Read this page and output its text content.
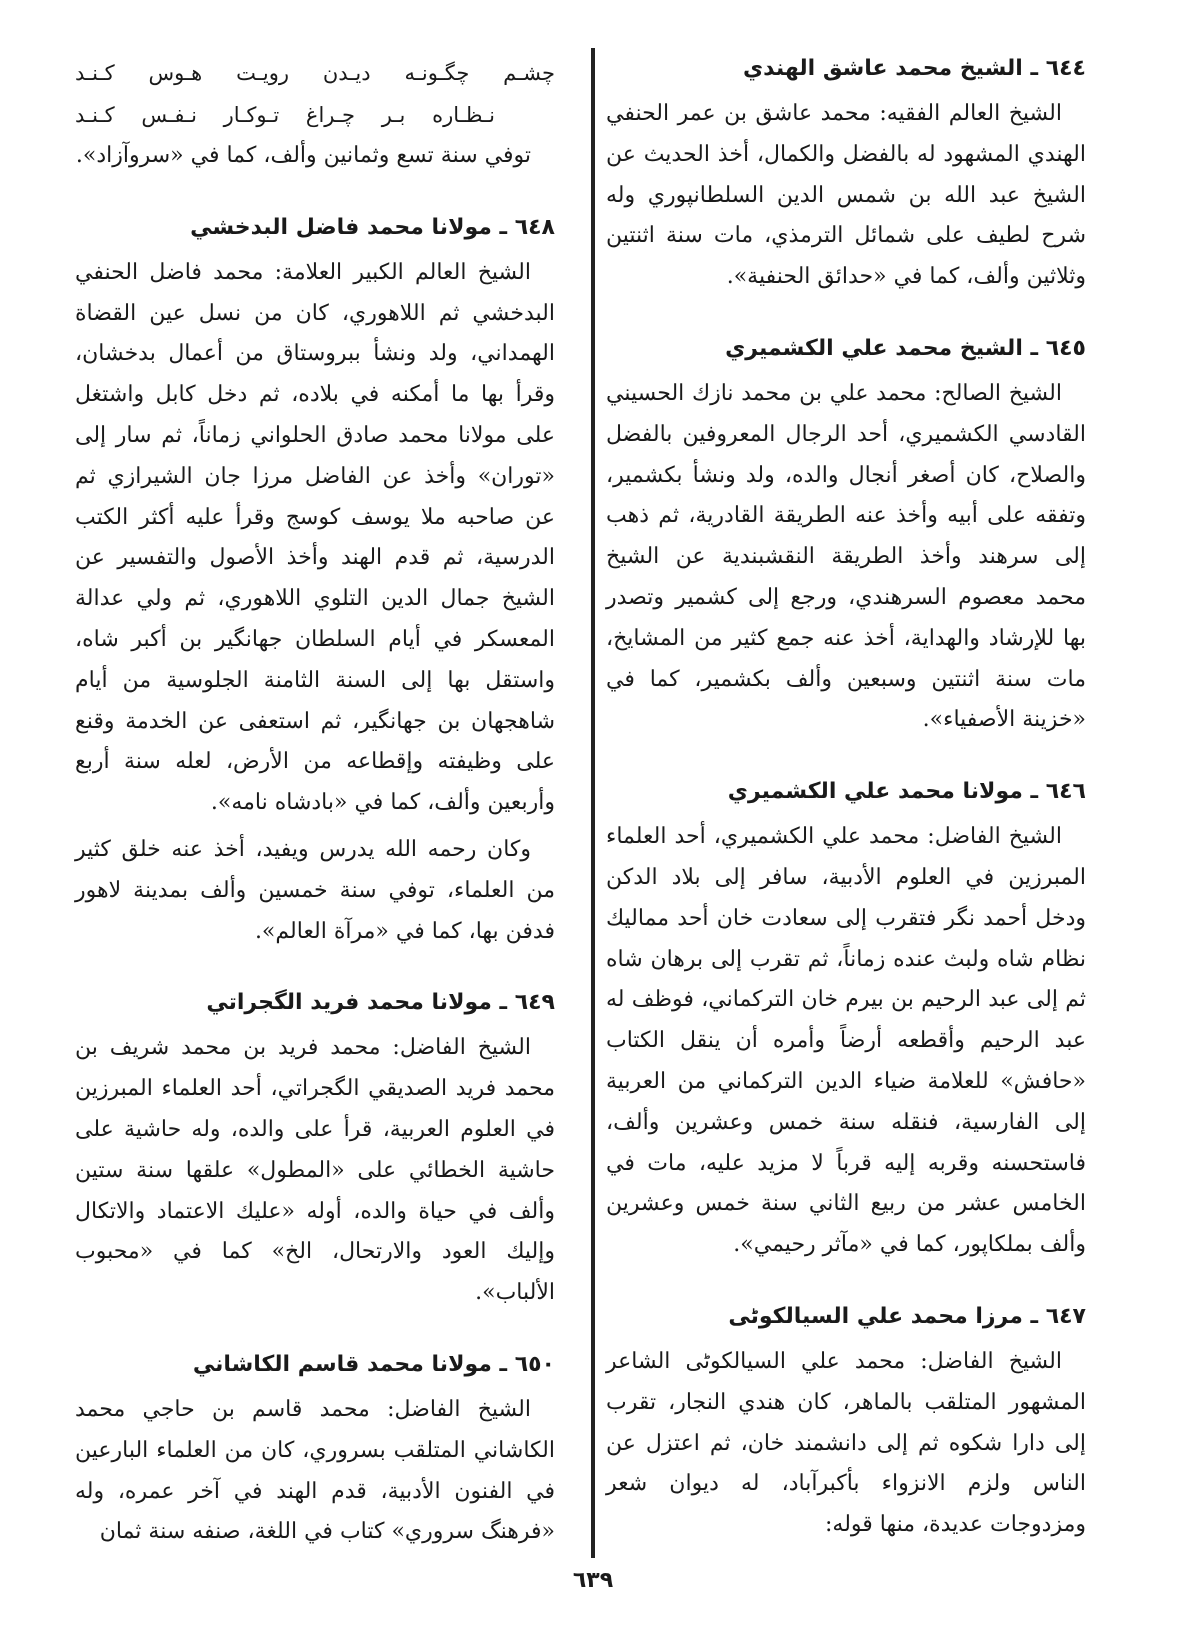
٦٤٤ ـ الشيخ محمد عاشق الهندي

الشيخ العالم الفقيه: محمد عاشق بن عمر الحنفي الهندي المشهود له بالفضل والكمال، أخذ الحديث عن الشيخ عبد الله بن شمس الدين السلطانپوري وله شرح لطيف على شمائل الترمذي، مات سنة اثنتين وثلاثين وألف، كما في «حدائق الحنفية».

٦٤٥ ـ الشيخ محمد علي الكشميري

الشيخ الصالح: محمد علي بن محمد نازك الحسيني القادسي الكشميري، أحد الرجال المعروفين بالفضل والصلاح، كان أصغر أنجال والده، ولد ونشأ بكشمير، وتفقه على أبيه وأخذ عنه الطريقة القادرية، ثم ذهب إلى سرهند وأخذ الطريقة النقشبندية عن الشيخ محمد معصوم السرهندي، ورجع إلى كشمير وتصدر بها للإرشاد والهداية، أخذ عنه جمع كثير من المشايخ، مات سنة اثنتين وسبعين وألف بكشمير، كما في «خزينة الأصفياء».

٦٤٦ ـ مولانا محمد علي الكشميري

الشيخ الفاضل: محمد علي الكشميري، أحد العلماء المبرزين في العلوم الأدبية، سافر إلى بلاد الدكن ودخل أحمد نگر فتقرب إلى سعادت خان أحد مماليك نظام شاه ولبث عنده زماناً، ثم تقرب إلى برهان شاه ثم إلى عبد الرحيم بن بيرم خان التركماني، فوظف له عبد الرحيم وأقطعه أرضاً وأمره أن ينقل الكتاب «حافش» للعلامة ضياء الدين التركماني من العربية إلى الفارسية، فنقله سنة خمس وعشرين وألف، فاستحسنه وقربه إليه قرباً لا مزيد عليه، مات في الخامس عشر من ربيع الثاني سنة خمس وعشرين وألف بملكاپور، كما في «مآثر رحيمي».

٦٤٧ ـ مرزا محمد علي السيالكوٹی

الشيخ الفاضل: محمد علي السيالكوٹی الشاعر المشهور المتلقب بالماهر، كان هندي النجار، تقرب إلى دارا شكوه ثم إلى دانشمند خان، ثم اعتزل عن الناس ولزم الانزواء بأكبرآباد، له ديوان شعر ومزدوجات عديدة، منها قوله:

چشـم چگـونـه ديـدن رويـت هـوس كـنـد

نـظـاره بـر چـراغ تـوكـار نـفـس كـنـد

توفي سنة تسع وثمانين وألف، كما في «سروآزاد».

٦٤٨ ـ مولانا محمد فاضل البدخشي

الشيخ العالم الكبير العلامة: محمد فاضل الحنفي البدخشي ثم اللاهوري، كان من نسل عين القضاة الهمداني، ولد ونشأ ببروستاق من أعمال بدخشان، وقرأ بها ما أمكنه في بلاده، ثم دخل كابل واشتغل على مولانا محمد صادق الحلواني زماناً، ثم سار إلى «توران» وأخذ عن الفاضل مرزا جان الشيرازي ثم عن صاحبه ملا يوسف كوسج وقرأ عليه أكثر الكتب الدرسية، ثم قدم الهند وأخذ الأصول والتفسير عن الشيخ جمال الدين التلوي اللاهوري، ثم ولي عدالة المعسكر في أيام السلطان جهانگير بن أكبر شاه، واستقل بها إلى السنة الثامنة الجلوسية من أيام شاهجهان بن جهانگير، ثم استعفى عن الخدمة وقنع على وظيفته وإقطاعه من الأرض، لعله سنة أربع وأربعين وألف، كما في «بادشاه نامه».

وكان رحمه الله يدرس ويفيد، أخذ عنه خلق كثير من العلماء، توفي سنة خمسين وألف بمدينة لاهور فدفن بها، كما في «مرآة العالم».

٦٤٩ ـ مولانا محمد فريد الگجراتي

الشيخ الفاضل: محمد فريد بن محمد شريف بن محمد فريد الصديقي الگجراتي، أحد العلماء المبرزين في العلوم العربية، قرأ على والده، وله حاشية على حاشية الخطائي على «المطول» علقها سنة ستين وألف في حياة والده، أوله «عليك الاعتماد والاتكال وإليك العود والارتحال، الخ» كما في «محبوب الألباب».

٦٥٠ ـ مولانا محمد قاسم الكاشاني

الشيخ الفاضل: محمد قاسم بن حاجي محمد الكاشاني المتلقب بسروري، كان من العلماء البارعين في الفنون الأدبية، قدم الهند في آخر عمره، وله «فرهنگ سروري» كتاب في اللغة، صنفه سنة ثمان

٦٣٩
